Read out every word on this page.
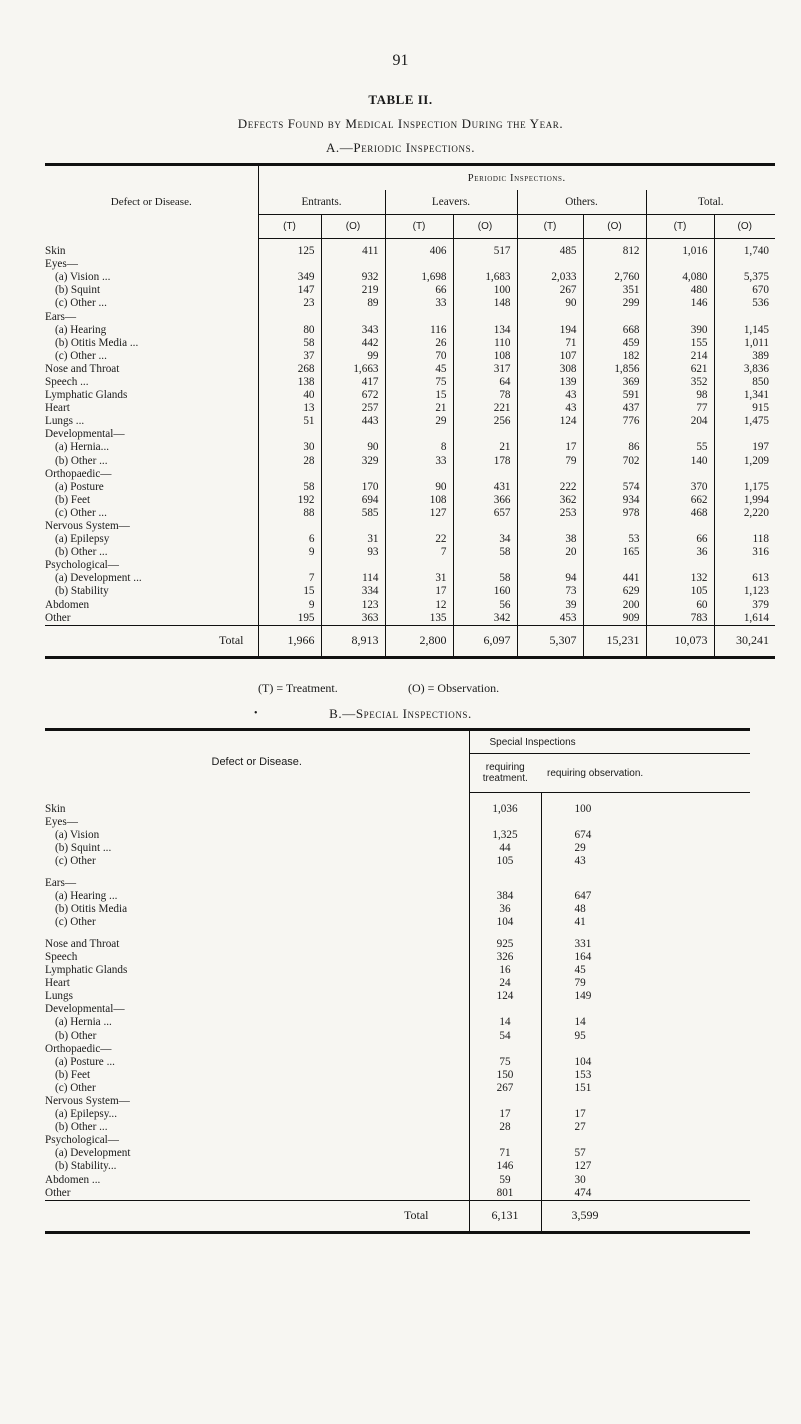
91
TABLE II.
Defects Found by Medical Inspection During the Year.
A.—Periodic Inspections.

Defect or Disease.	Periodic Inspections.							
	Entrants.		Leavers.		Others.		Total.	
	(T)	(O)	(T)	(O)	(T)	(O)	(T)	(O)
Skin	125	411	406	517	485	812	1,016	1,740
Eyes—								
(a) Vision ...	349	932	1,698	1,683	2,033	2,760	4,080	5,375
(b) Squint	147	219	66	100	267	351	480	670
(c) Other ...	23	89	33	148	90	299	146	536
Ears—								
(a) Hearing	80	343	116	134	194	668	390	1,145
(b) Otitis Media ...	58	442	26	110	71	459	155	1,011
(c) Other ...	37	99	70	108	107	182	214	389
Nose and Throat	268	1,663	45	317	308	1,856	621	3,836
Speech ...	138	417	75	64	139	369	352	850
Lymphatic Glands	40	672	15	78	43	591	98	1,341
Heart	13	257	21	221	43	437	77	915
Lungs ...	51	443	29	256	124	776	204	1,475
Developmental—								
(a) Hernia...	30	90	8	21	17	86	55	197
(b) Other ...	28	329	33	178	79	702	140	1,209
Orthopaedic—								
(a) Posture	58	170	90	431	222	574	370	1,175
(b) Feet	192	694	108	366	362	934	662	1,994
(c) Other ...	88	585	127	657	253	978	468	2,220
Nervous System—								
(a) Epilepsy	6	31	22	34	38	53	66	118
(b) Other ...	9	93	7	58	20	165	36	316
Psychological—								
(a) Development ...	7	114	31	58	94	441	132	613
(b) Stability	15	334	17	160	73	629	105	1,123
Abdomen	9	123	12	56	39	200	60	379
Other	195	363	135	342	453	909	783	1,614
Total	1,966	8,913	2,800	6,097	5,307	15,231	10,073	30,241
(T) = Treatment.	(O) = Observation.
•	B.—Special Inspections.

Defect or Disease.	Special Inspections	
	requiring treatment.	requiring observation.
Skin	1,036	100
Eyes—		
(a) Vision	1,325	674
(b) Squint ...	44	29
(c) Other	105	43

Ears—		
(a) Hearing ...	384	647
(b) Otitis Media	36	48
(c) Other	104	41

Nose and Throat	925	331
Speech	326	164
Lymphatic Glands	16	45
Heart	24	79
Lungs	124	149
Developmental—		
(a) Hernia ...	14	14
(b) Other	54	95
Orthopaedic—		
(a) Posture ...	75	104
(b) Feet	150	153
(c) Other	267	151
Nervous System—		
(a) Epilepsy...	17	17
(b) Other ...	28	27
Psychological—		
(a) Development	71	57
(b) Stability...	146	127
Abdomen ...	59	30
Other	801	474
Total	6,131	3,599
